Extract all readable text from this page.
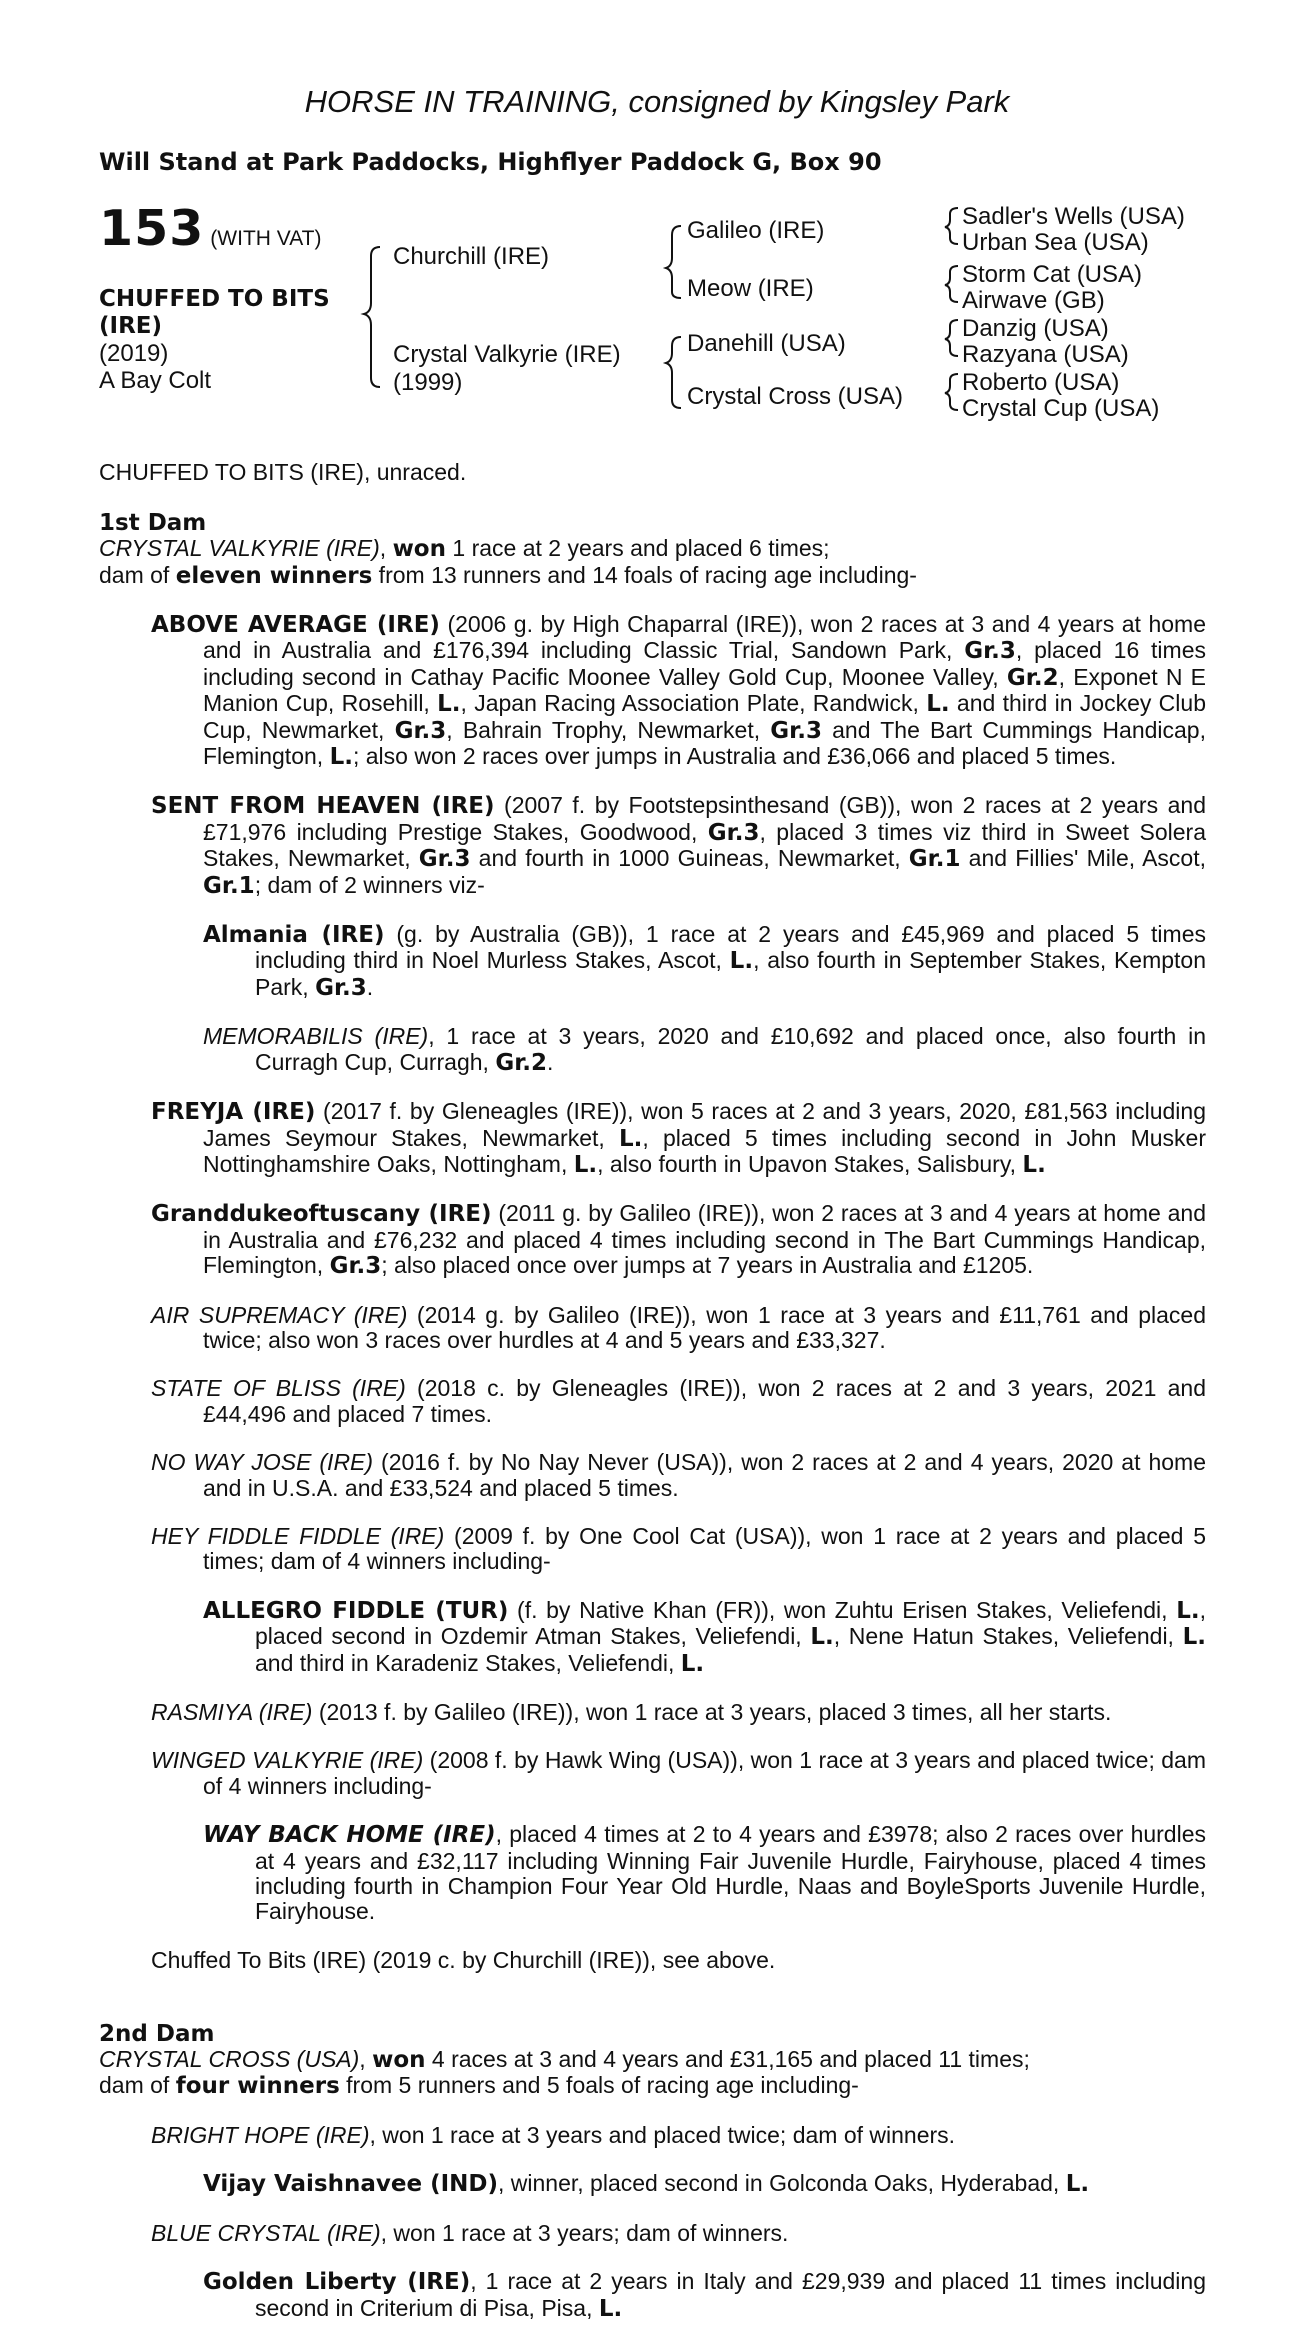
HORSE IN TRAINING, consigned by Kingsley Park
Will Stand at Park Paddocks, Highflyer Paddock G, Box 90
153 (WITH VAT)
CHUFFED TO BITS
(IRE)
(2019)
A Bay Colt
Churchill (IRE)
Crystal Valkyrie (IRE)
(1999)
Galileo (IRE)
Meow (IRE)
Danehill (USA)
Crystal Cross (USA)
Sadler's Wells (USA)
Urban Sea (USA)
Storm Cat (USA)
Airwave (GB)
Danzig (USA)
Razyana (USA)
Roberto (USA)
Crystal Cup (USA)

CHUFFED TO BITS (IRE), unraced.

1st Dam

CRYSTAL VALKYRIE (IRE), won 1 race at 2 years and placed 6 times;

dam of eleven winners from 13 runners and 14 foals of racing age including-

ABOVE AVERAGE (IRE) (2006 g. by High Chaparral (IRE)), won 2 races at 3 and 4 years at home and in Australia and £176,394 including Classic Trial, Sandown Park, Gr.3, placed 16 times including second in Cathay Pacific Moonee Valley Gold Cup, Moonee Valley, Gr.2, Exponet N E Manion Cup, Rosehill, L., Japan Racing Association Plate, Randwick, L. and third in Jockey Club Cup, Newmarket, Gr.3, Bahrain Trophy, Newmarket, Gr.3 and The Bart Cummings Handicap, Flemington, L.; also won 2 races over jumps in Australia and £36,066 and placed 5 times.

SENT FROM HEAVEN (IRE) (2007 f. by Footstepsinthesand (GB)), won 2 races at 2 years and £71,976 including Prestige Stakes, Goodwood, Gr.3, placed 3 times viz third in Sweet Solera Stakes, Newmarket, Gr.3 and fourth in 1000 Guineas, Newmarket, Gr.1 and Fillies' Mile, Ascot, Gr.1; dam of 2 winners viz-

Almania (IRE) (g. by Australia (GB)), 1 race at 2 years and £45,969 and placed 5 times including third in Noel Murless Stakes, Ascot, L., also fourth in September Stakes, Kempton Park, Gr.3.

MEMORABILIS (IRE), 1 race at 3 years, 2020 and £10,692 and placed once, also fourth in Curragh Cup, Curragh, Gr.2.

FREYJA (IRE) (2017 f. by Gleneagles (IRE)), won 5 races at 2 and 3 years, 2020, £81,563 including James Seymour Stakes, Newmarket, L., placed 5 times including second in John Musker Nottinghamshire Oaks, Nottingham, L., also fourth in Upavon Stakes, Salisbury, L.

Granddukeoftuscany (IRE) (2011 g. by Galileo (IRE)), won 2 races at 3 and 4 years at home and in Australia and £76,232 and placed 4 times including second in The Bart Cummings Handicap, Flemington, Gr.3; also placed once over jumps at 7 years in Australia and £1205.

AIR SUPREMACY (IRE) (2014 g. by Galileo (IRE)), won 1 race at 3 years and £11,761 and placed twice; also won 3 races over hurdles at 4 and 5 years and £33,327.

STATE OF BLISS (IRE) (2018 c. by Gleneagles (IRE)), won 2 races at 2 and 3 years, 2021 and £44,496 and placed 7 times.

NO WAY JOSE (IRE) (2016 f. by No Nay Never (USA)), won 2 races at 2 and 4 years, 2020 at home and in U.S.A. and £33,524 and placed 5 times.

HEY FIDDLE FIDDLE (IRE) (2009 f. by One Cool Cat (USA)), won 1 race at 2 years and placed 5 times; dam of 4 winners including-

ALLEGRO FIDDLE (TUR) (f. by Native Khan (FR)), won Zuhtu Erisen Stakes, Veliefendi, L., placed second in Ozdemir Atman Stakes, Veliefendi, L., Nene Hatun Stakes, Veliefendi, L. and third in Karadeniz Stakes, Veliefendi, L.

RASMIYA (IRE) (2013 f. by Galileo (IRE)), won 1 race at 3 years, placed 3 times, all her starts.

WINGED VALKYRIE (IRE) (2008 f. by Hawk Wing (USA)), won 1 race at 3 years and placed twice; dam of 4 winners including-

WAY BACK HOME (IRE), placed 4 times at 2 to 4 years and £3978; also 2 races over hurdles at 4 years and £32,117 including Winning Fair Juvenile Hurdle, Fairyhouse, placed 4 times including fourth in Champion Four Year Old Hurdle, Naas and BoyleSports Juvenile Hurdle, Fairyhouse.

Chuffed To Bits (IRE) (2019 c. by Churchill (IRE)), see above.

2nd Dam

CRYSTAL CROSS (USA), won 4 races at 3 and 4 years and £31,165 and placed 11 times;

dam of four winners from 5 runners and 5 foals of racing age including-

BRIGHT HOPE (IRE), won 1 race at 3 years and placed twice; dam of winners.

Vijay Vaishnavee (IND), winner, placed second in Golconda Oaks, Hyderabad, L.

BLUE CRYSTAL (IRE), won 1 race at 3 years; dam of winners.

Golden Liberty (IRE), 1 race at 2 years in Italy and £29,939 and placed 11 times including second in Criterium di Pisa, Pisa, L.
